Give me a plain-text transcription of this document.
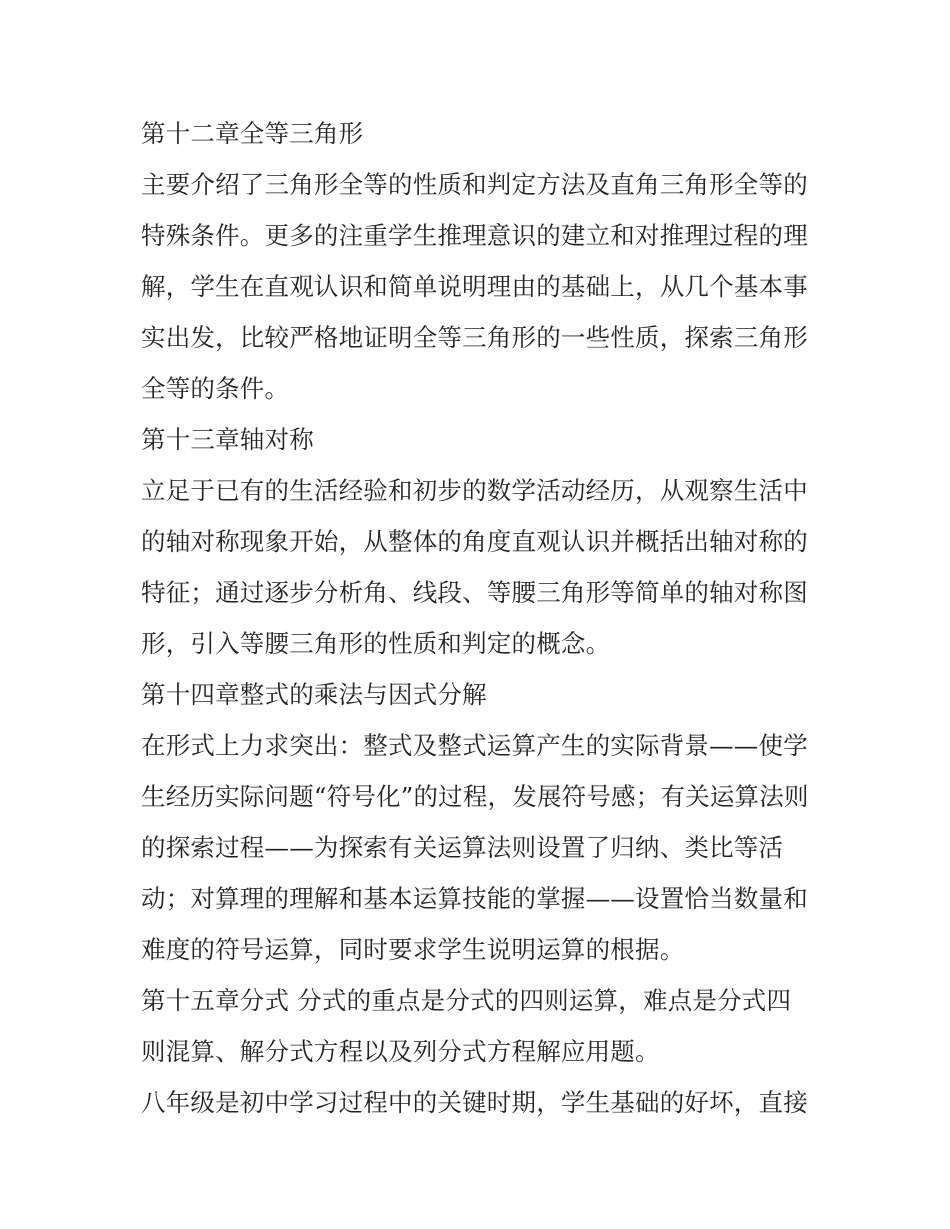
第十二章全等三角形
主要介绍了三角形全等的性质和判定方法及直角三角形全等的
特殊条件。更多的注重学生推理意识的建立和对推理过程的理
解，学生在直观认识和简单说明理由的基础上，从几个基本事
实出发，比较严格地证明全等三角形的一些性质，探索三角形
全等的条件。
第十三章轴对称
立足于已有的生活经验和初步的数学活动经历，从观察生活中
的轴对称现象开始，从整体的角度直观认识并概括出轴对称的
特征；通过逐步分析角、线段、等腰三角形等简单的轴对称图
形，引入等腰三角形的性质和判定的概念。
第十四章整式的乘法与因式分解
在形式上力求突出：整式及整式运算产生的实际背景——使学
生经历实际问题“符号化”的过程，发展符号感；有关运算法则
的探索过程——为探索有关运算法则设置了归纳、类比等活
动；对算理的理解和基本运算技能的掌握——设置恰当数量和
难度的符号运算，同时要求学生说明运算的根据。
第十五章分式 分式的重点是分式的四则运算，难点是分式四
则混算、解分式方程以及列分式方程解应用题。
八年级是初中学习过程中的关键时期，学生基础的好坏，直接
